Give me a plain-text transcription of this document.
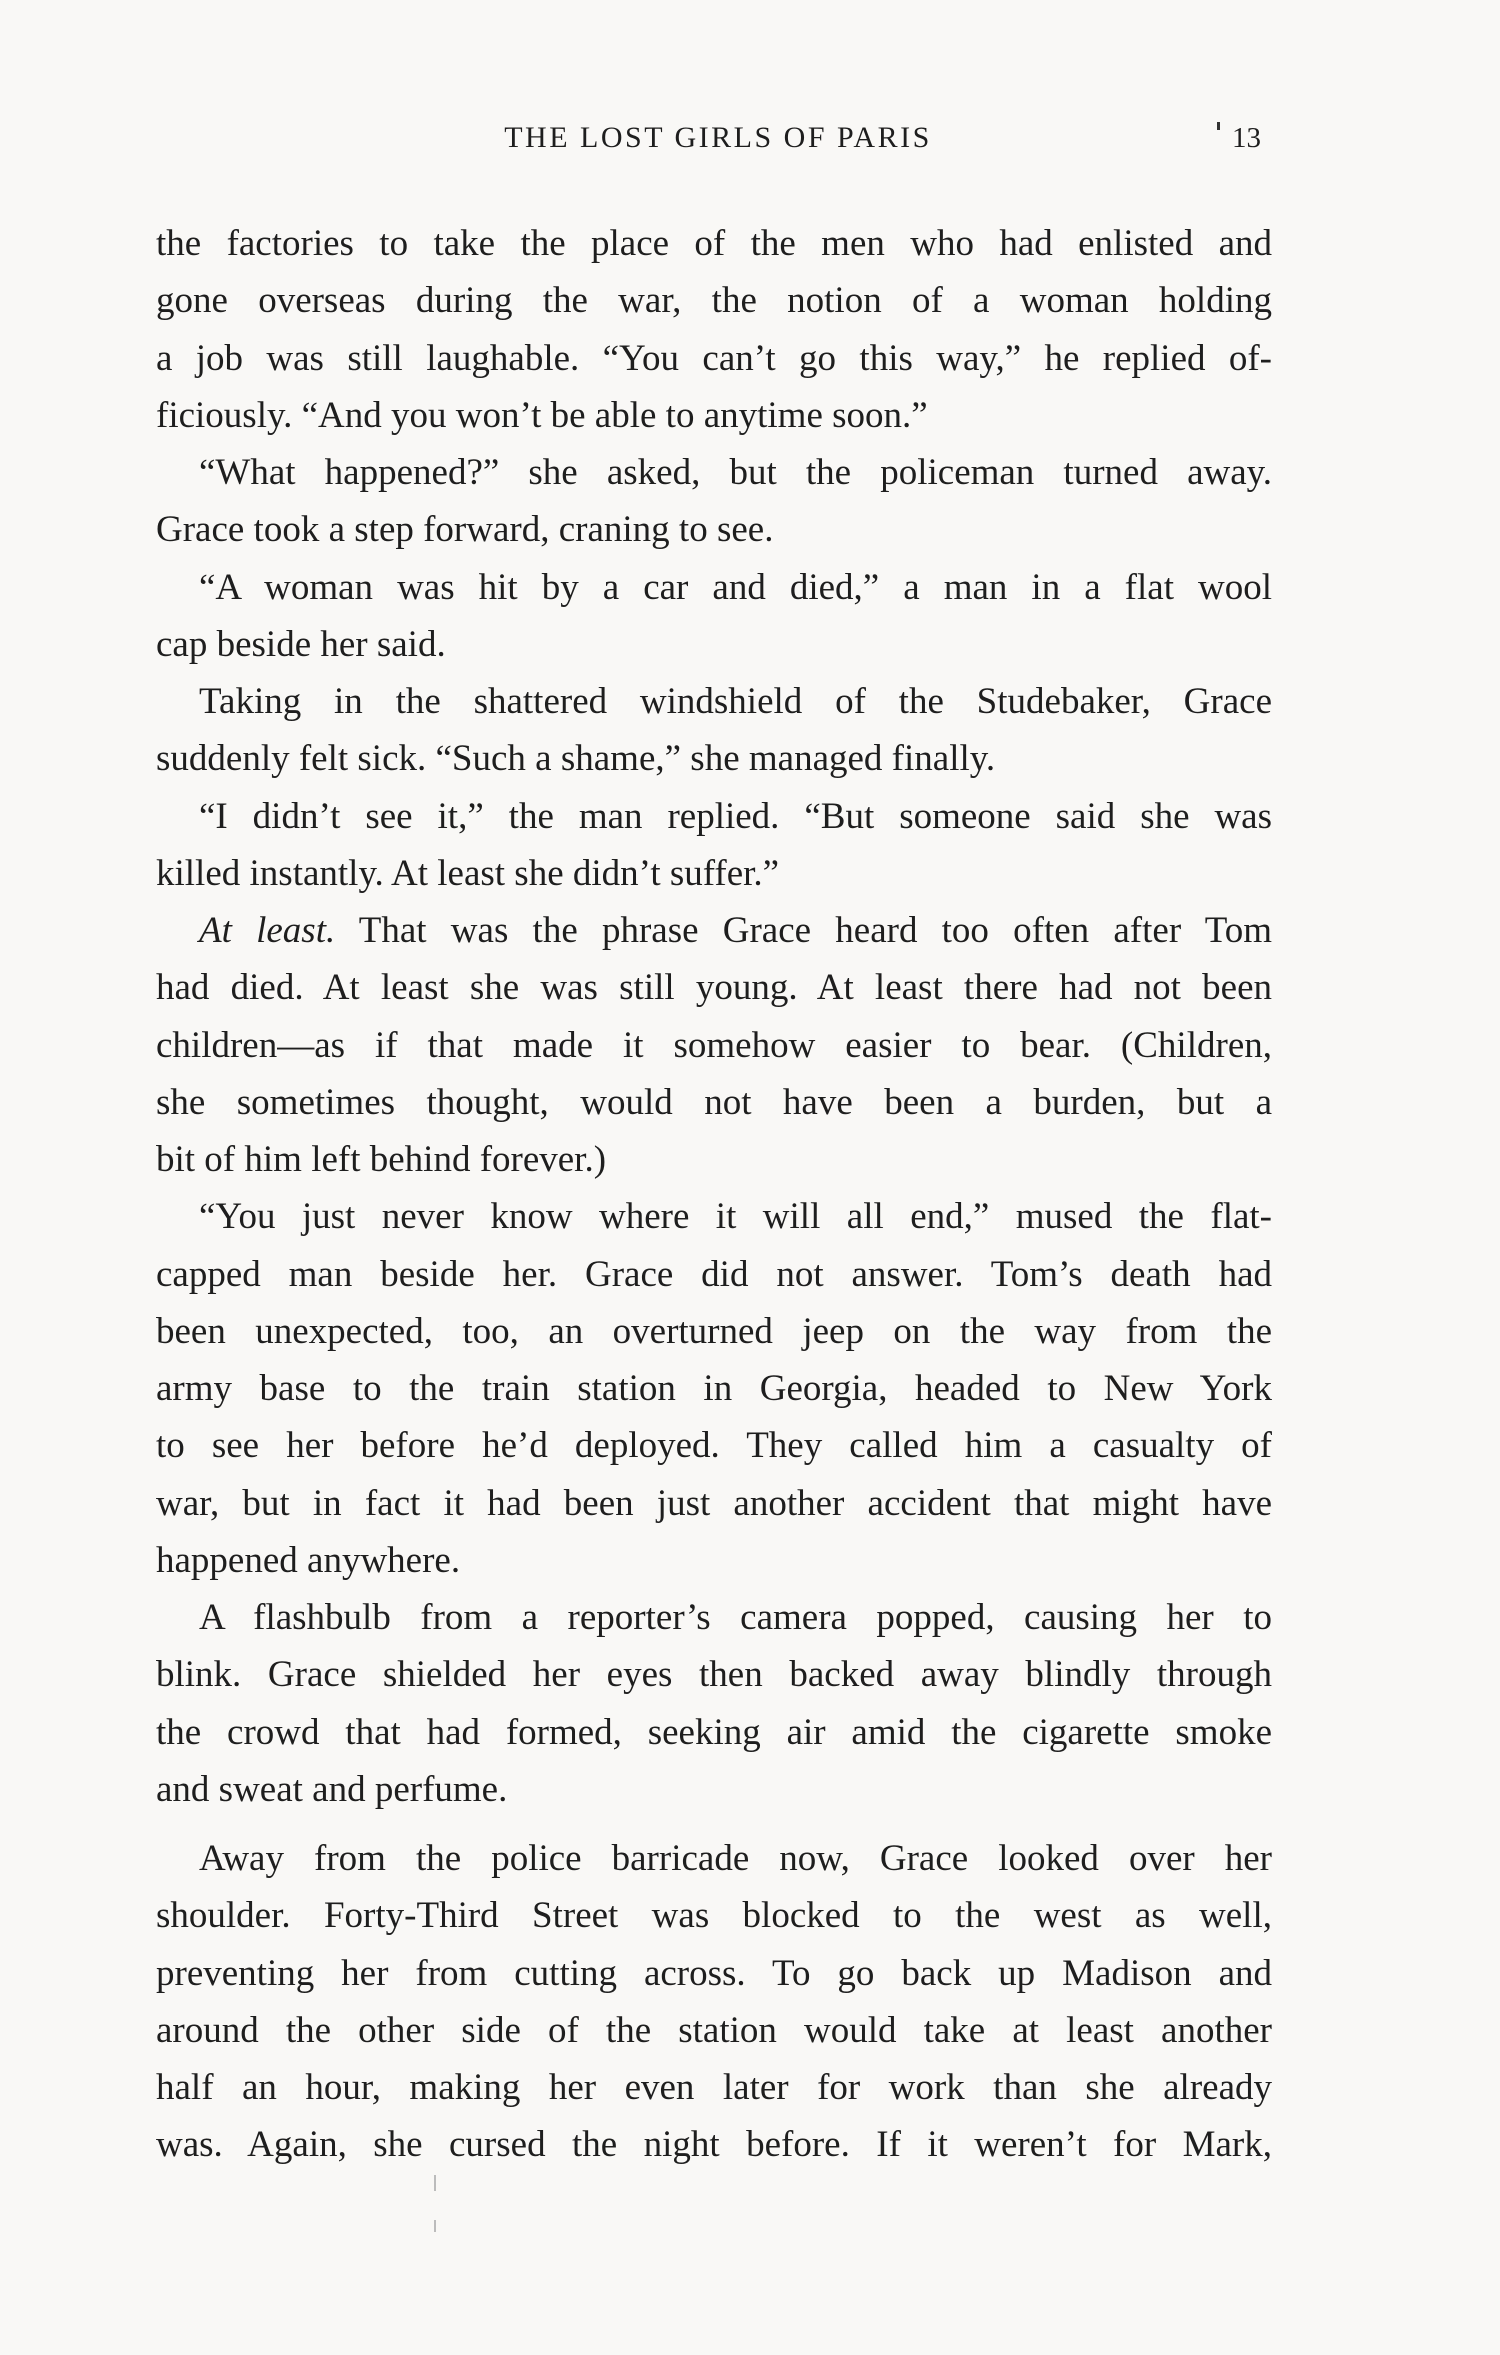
THE LOST GIRLS OF PARIS	13
the factories to take the place of the men who had enlisted and
gone overseas during the war, the notion of a woman holding
a job was still laughable. “You can’t go this way,” he replied of-
ficiously. “And you won’t be able to anytime soon.”
“What happened?” she asked, but the policeman turned away.
Grace took a step forward, craning to see.
“A woman was hit by a car and died,” a man in a flat wool
cap beside her said.
Taking in the shattered windshield of the Studebaker, Grace
suddenly felt sick. “Such a shame,” she managed finally.
“I didn’t see it,” the man replied. “But someone said she was
killed instantly. At least she didn’t suffer.”
At least. That was the phrase Grace heard too often after Tom
had died. At least she was still young. At least there had not been
children—as if that made it somehow easier to bear. (Children,
she sometimes thought, would not have been a burden, but a
bit of him left behind forever.)
“You just never know where it will all end,” mused the flat-
capped man beside her. Grace did not answer. Tom’s death had
been unexpected, too, an overturned jeep on the way from the
army base to the train station in Georgia, headed to New York
to see her before he’d deployed. They called him a casualty of
war, but in fact it had been just another accident that might have
happened anywhere.
A flashbulb from a reporter’s camera popped, causing her to
blink. Grace shielded her eyes then backed away blindly through
the crowd that had formed, seeking air amid the cigarette smoke
and sweat and perfume.
Away from the police barricade now, Grace looked over her
shoulder. Forty-Third Street was blocked to the west as well,
preventing her from cutting across. To go back up Madison and
around the other side of the station would take at least another
half an hour, making her even later for work than she already
was. Again, she cursed the night before. If it weren’t for Mark,
